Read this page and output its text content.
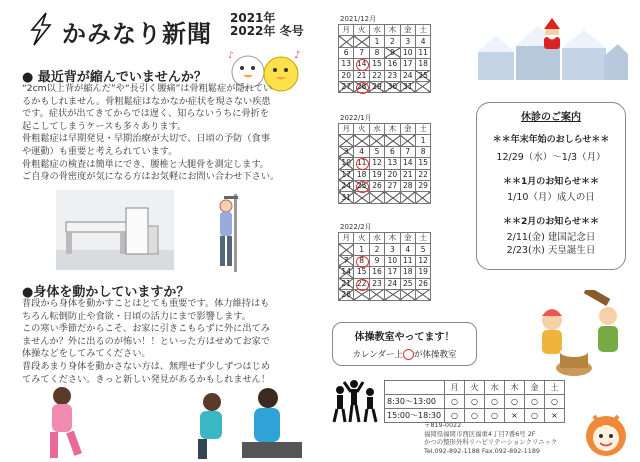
かみなり新聞
2021年
2022年 冬号
♪
♪
● 最近背が縮んでいませんか？
“2cm以上背が縮んだ”や“長引く腰痛”は骨粗鬆症が隠れてい
るかもしれません。骨粗鬆症はなかなか症状を現さない疾患
です。症状が出てきてからでは遅く、知らないうちに骨折を
起こしてしまうケースも多々あります。
骨粗鬆症は早期発見・早期治療が大切で、日頃の予防（食事
や運動）も重要と考えられています。
骨粗鬆症の検査は簡単にでき、腰椎と大腿骨を測定します。
ご自身の骨密度が気になる方はお気軽にお問い合わせ下さい。
●身体を動かしていますか？
普段から身体を動かすことはとても重要です。体力維持はも
ちろん転倒防止や食欲・日頃の活力にまで影響します。
この寒い季節だからこそ、お家に引きこもらずに外に出てみ
ませんか？外に出るのが怖い！！といった方はせめてお家で
体操などをしてみてください。
普段あまり身体を動かさない方は、無理せず少しずつはじめ
てみてください。きっと新しい発見があるかもしれません！
2021/12月
月	火	水	木	金	土
		1	2	3	4
6	7	8	9	10	11
13	14	15	16	17	18
20	21	22	23	24	25
27	28	29	30	31	
2022/1月
月	火	水	木	金	土
					1
3	4	5	6	7	8
10	11	12	13	14	15
17	18	19	20	21	22
24	25	26	27	28	29
31					
2022/2月
月	火	水	木	金	土
	1	2	3	4	5
7	8	9	10	11	12
14	15	16	17	18	19
21	22	23	24	25	26
28					
休診のご案内
＊＊年末年始のおしらせ＊＊
12/29（水）～1/3（月）
＊＊1月のお知らせ＊＊
1/10（月）成人の日
＊＊2月のお知らせ＊＊
2/11(金) 建国記念日
2/23(水) 天皇誕生日
体操教室やってます！
カレンダー上 が体操教室
	月	火	水	木	金	土
8:30～13:00	○	○	○	○	○	○
15:00～18:30	○	○	○	×	○	×
〒819-0022
福岡県福岡市西区福重4丁目7番6号 2F
かつの整形外科リハビリテーションクリニック
Tel.092-892-1188 Fax.092-892-1189
